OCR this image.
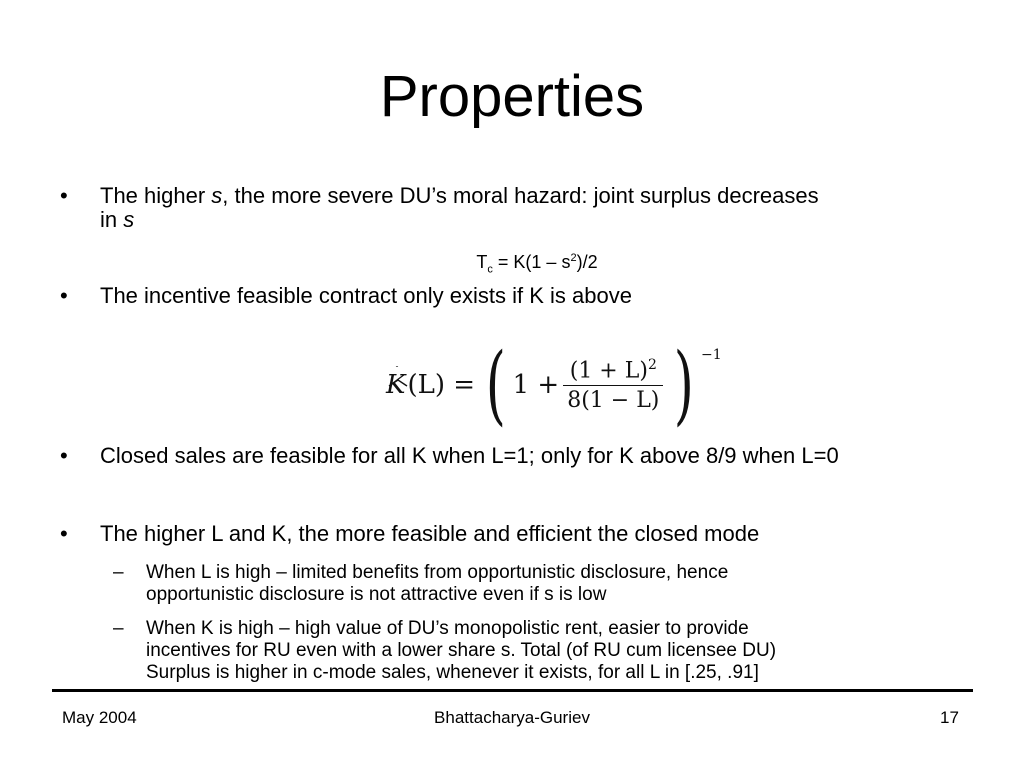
Properties
• The higher s, the more severe DU’s moral hazard: joint surplus decreases
in s
$T_c = K(1 - s^2)/2$
• The incentive feasible contract only exists if K is above
K (L) = ( $1 + \frac{(1 + L)^2}{8(1 - L)}$ ) −1
• Closed sales are feasible for all K when L=1; only for K above 8/9 when L=0
• The higher L and K, the more feasible and efficient the closed mode
– When L is high – limited benefits from opportunistic disclosure, hence
opportunistic disclosure is not attractive even if s is low
– When K is high – high value of DU’s monopolistic rent, easier to provide
incentives for RU even with a lower share s. Total (of RU cum licensee DU)
Surplus is higher in c-mode sales, whenever it exists, for all L in [.25, .91]
May 2004	Bhattacharya-Guriev	17
